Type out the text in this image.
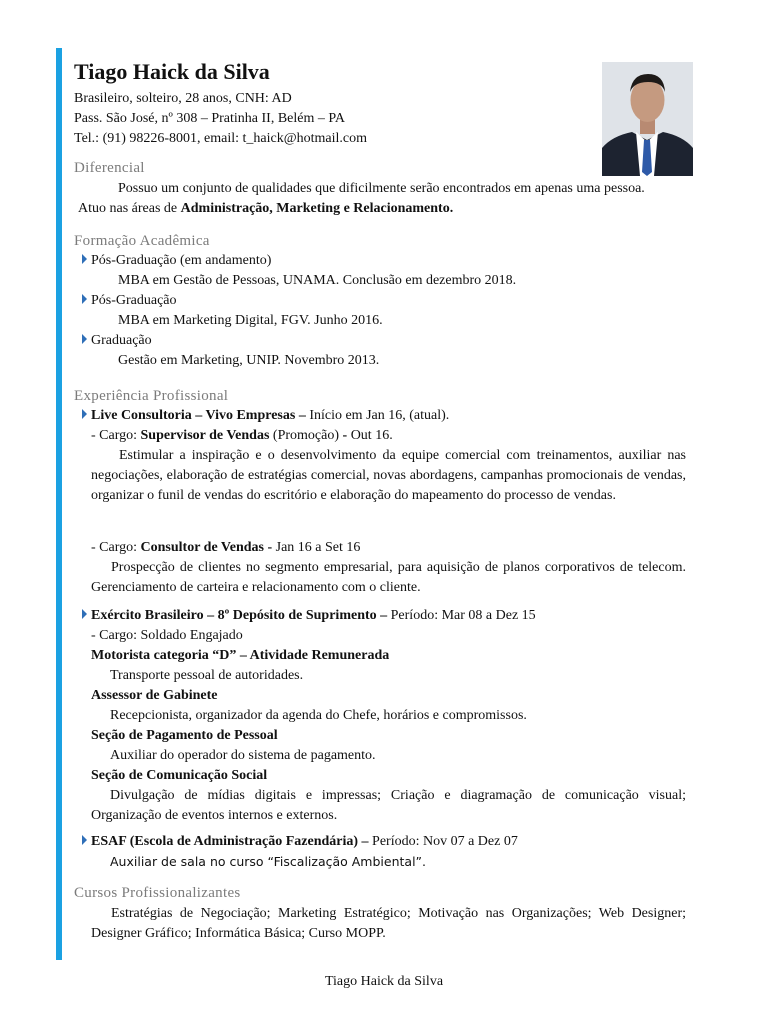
Tiago Haick da Silva
Brasileiro, solteiro, 28 anos, CNH: AD
Pass. São José, nº 308 – Pratinha II, Belém – PA
Tel.: (91) 98226-8001, email: t_haick@hotmail.com
Diferencial
Possuo um conjunto de qualidades que dificilmente serão encontrados em apenas uma pessoa.
Atuo nas áreas de Administração, Marketing e Relacionamento.
Formação Acadêmica
Pós-Graduação (em andamento)
MBA em Gestão de Pessoas, UNAMA. Conclusão em dezembro 2018.
Pós-Graduação
MBA em Marketing Digital, FGV. Junho 2016.
Graduação
Gestão em Marketing, UNIP. Novembro 2013.
Experiência Profissional
Live Consultoria – Vivo Empresas – Início em Jan 16, (atual).
- Cargo: Supervisor de Vendas (Promoção) - Out 16.
Estimular a inspiração e o desenvolvimento da equipe comercial com treinamentos, auxiliar nas negociações, elaboração de estratégias comercial, novas abordagens, campanhas promocionais de vendas, organizar o funil de vendas do escritório e elaboração do mapeamento do processo de vendas.
- Cargo: Consultor de Vendas - Jan 16 a Set 16
Prospecção de clientes no segmento empresarial, para aquisição de planos corporativos de telecom. Gerenciamento de carteira e relacionamento com o cliente.
Exército Brasileiro – 8º Depósito de Suprimento – Período: Mar 08 a Dez 15
- Cargo: Soldado Engajado
Motorista categoria “D” – Atividade Remunerada
Transporte pessoal de autoridades.
Assessor de Gabinete
Recepcionista, organizador da agenda do Chefe, horários e compromissos.
Seção de Pagamento de Pessoal
Auxiliar do operador do sistema de pagamento.
Seção de Comunicação Social
Divulgação de mídias digitais e impressas; Criação e diagramação de comunicação visual; Organização de eventos internos e externos.
ESAF (Escola de Administração Fazendária) – Período: Nov 07 a Dez 07
Auxiliar de sala no curso “Fiscalização Ambiental”.
Cursos Profissionalizantes
Estratégias de Negociação; Marketing Estratégico; Motivação nas Organizações; Web Designer; Designer Gráfico; Informática Básica; Curso MOPP.
Tiago Haick da Silva
